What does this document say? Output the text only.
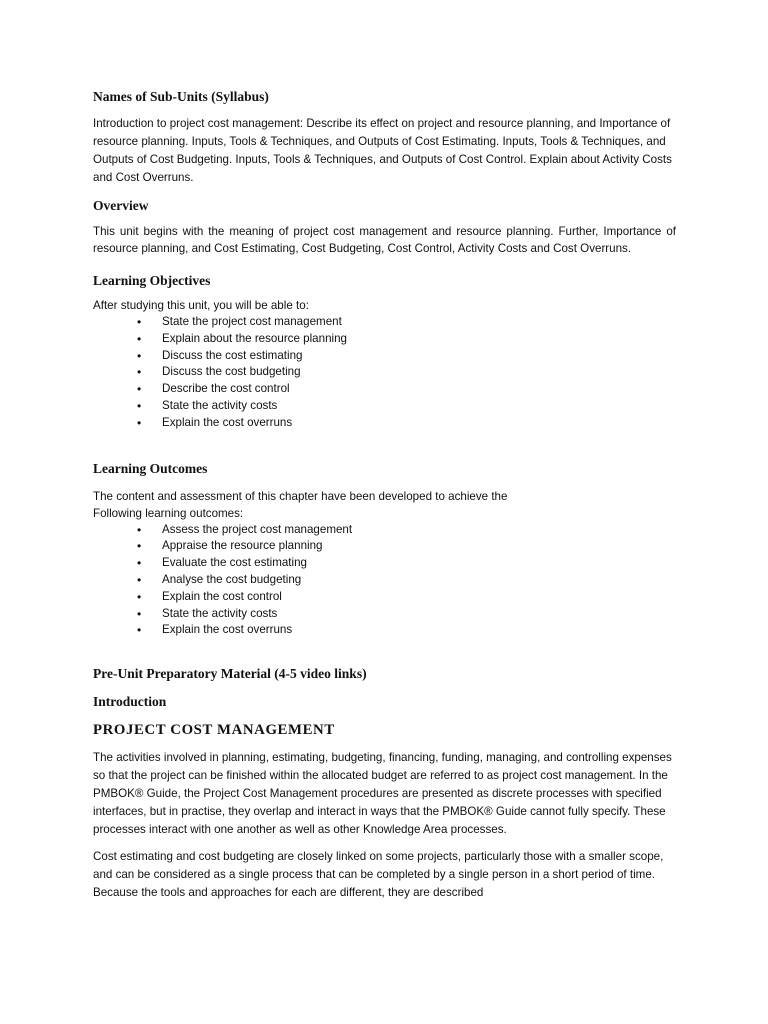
Names of Sub-Units (Syllabus)

Introduction to project cost management: Describe its effect on project and resource planning, and Importance of resource planning. Inputs, Tools & Techniques, and Outputs of Cost Estimating. Inputs, Tools & Techniques, and Outputs of Cost Budgeting. Inputs, Tools & Techniques, and Outputs of Cost Control. Explain about Activity Costs and Cost Overruns.

Overview

This unit begins with the meaning of project cost management and resource planning. Further, Importance of resource planning, and Cost Estimating, Cost Budgeting, Cost Control, Activity Costs and Cost Overruns.

Learning Objectives

After studying this unit, you will be able to:

• State the project cost management
• Explain about the resource planning
• Discuss the cost estimating
• Discuss the cost budgeting
• Describe the cost control
• State the activity costs
• Explain the cost overruns

Learning Outcomes

The content and assessment of this chapter have been developed to achieve the

Following learning outcomes:

• Assess the project cost management
• Appraise the resource planning
• Evaluate the cost estimating
• Analyse the cost budgeting
• Explain the cost control
• State the activity costs
• Explain the cost overruns

Pre-Unit Preparatory Material (4-5 video links)

Introduction

PROJECT COST MANAGEMENT

The activities involved in planning, estimating, budgeting, financing, funding, managing, and controlling expenses so that the project can be finished within the allocated budget are referred to as project cost management. In the PMBOK® Guide, the Project Cost Management procedures are presented as discrete processes with specified interfaces, but in practise, they overlap and interact in ways that the PMBOK® Guide cannot fully specify. These processes interact with one another as well as other Knowledge Area processes.

Cost estimating and cost budgeting are closely linked on some projects, particularly those with a smaller scope, and can be considered as a single process that can be completed by a single person in a short period of time. Because the tools and approaches for each are different, they are described
